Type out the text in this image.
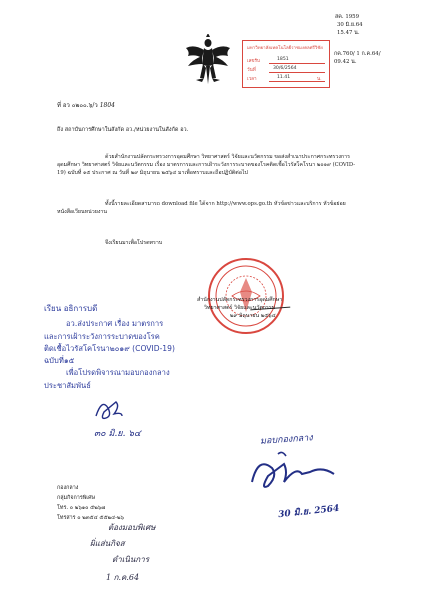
สค. 1959
30 มิ.ย.64
15.47 น.
มหาวิทยาลัยเทคโนโลยีราชมงคลศรีวิชัย
เลขรับ	1851
วันที่	30/6/2564
เวลา	11.41	น.
กค.760/ 1 ก.ค.64/
09.42 น.
ที่ อว ๐๒๐๐.๖/ว 1804
ถึง สถาบันการศึกษาในสังกัด อว./หน่วยงานในสังกัด อว.
ด้วยสำนักงานปลัดกระทรวงการอุดมศึกษา วิทยาศาสตร์ วิจัยและนวัตกรรม ขอส่งสำเนาประกาศกระทรวงการอุดมศึกษา วิทยาศาสตร์ วิจัยและนวัตกรรม เรื่อง มาตรการและการเฝ้าระวังการระบาดของโรคติดเชื้อไวรัสโคโรนา ๒๐๑๙ (COVID-19) ฉบับที่ ๑๕ ประกาศ ณ วันที่ ๒๙ มิถุนายน ๒๕๖๔ มาเพื่อทราบและถือปฏิบัติต่อไป
ทั้งนี้รายละเอียดสามารถ download file ได้จาก http://www.ops.go.th หัวข้อข่าวและบริการ หัวข้อย่อย หนังสือเวียนหน่วยงาน
จึงเรียนมาเพื่อโปรดทราบ
สำนักงานปลัดกระทรวงการอุดมศึกษา
วิทยาศาสตร์ วิจัยและนวัตกรรม
๒๙ มิถุนายน ๒๕๖๔
เรียน อธิการบดี
อว.ส่งประกาศ เรื่อง มาตรการ
และการเฝ้าระวังการระบาดของโรค
ติดเชื้อไวรัสโคโรนา๒๐๑๙ (COVID-19)
ฉบับที่๑๕
เพื่อโปรดพิจารณามอบกองกลาง
ประชาสัมพันธ์
๓๐ มิ.ย. ๖๔	มอบกองกลาง
30 มิ.ย. 2564
กองกลาง
กลุ่มกิจการพิเศษ
โทร. ๐ ๒๖๑๐ ๕๒๖๗
โทรสาร ๐ ๒๓๕๔ ๕๕๒๔-๒๖
ต้องมอบพิเศษ
ผิ่แส่นกิจส
ดำเนินการ
1 ก.ค.64
